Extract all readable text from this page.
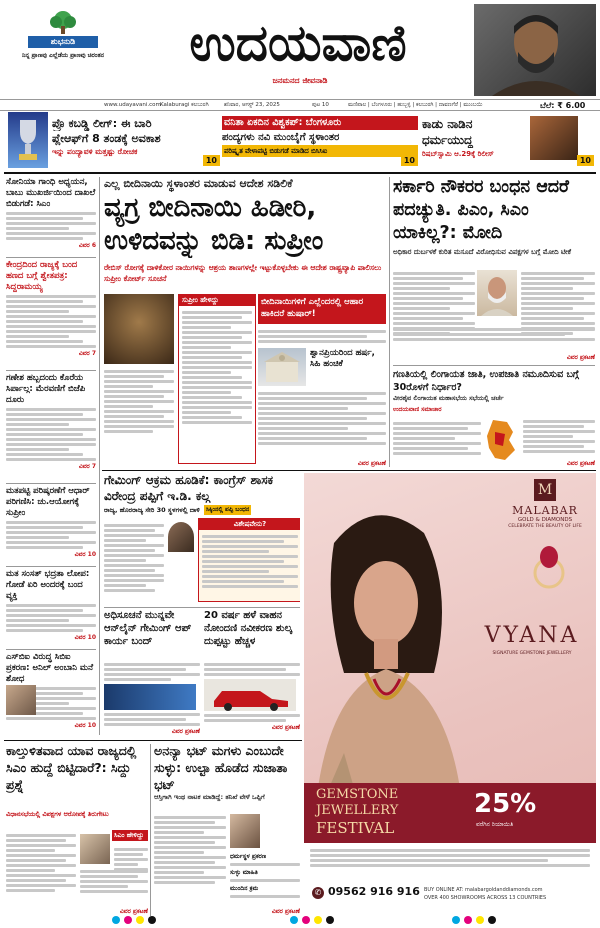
ಶುಭನುಡಿ
ನಿನ್ನ ಪ್ರಾಣವು ಎಲ್ಲೆಡೆಯ ಪ್ರಾಣವು ಚಿರಂತನ	ಉದಯವಾಣಿ
ಜನಮನದ ಜೀವನಾಡಿ
www.udayavani.com Kalaburagi ಕಲಬುರಗಿ	ಶನಿವಾರ, ಆಗಸ್ಟ್ 23, 2025	ಪುಟ 10	ಮಣಿಪಾಲ | ಬೆಂಗಳೂರು | ಹುಬ್ಬಳ್ಳಿ | ಕಲಬುರಗಿ | ದಾವಣಗೆರೆ | ಮುಂಬಯಿ	ಬೆಲೆ: ₹ 6.00
ಪ್ರೊ ಕಬಡ್ಡಿ ಲೀಗ್: ಈ ಬಾರಿ
ಪ್ಲೇಆಫ್‌ಗೆ 8 ತಂಡಕ್ಕೆ ಅವಕಾಶ
ಇನ್ನು ಪಂದ್ಯಾವಳಿ ಮತ್ತಷ್ಟು ರೋಚಕ
10
ವನಿತಾ ಏಕದಿನ ವಿಶ್ವಕಪ್: ಬೆಂಗಳೂರು
ಪಂದ್ಯಗಳು ನವಿ ಮುಂಬೈಗೆ ಸ್ಥಳಾಂತರ
ಪರಿಷ್ಕೃತ ವೇಳಾಪಟ್ಟಿ ಬಿಡುಗಡೆ ಮಾಡಿದ ಬಿಸಿಸಿಐ
10
ಕಾಡು ನಾಡಿನ
ಧರ್ಮಯುದ್ಧ
ರಿಷಬ್‌ಸ್ವಾಮಿ ಆ.29ಕ್ಕೆ ರಿಲೀಸ್
10
ಸೋನಿಯಾ ಗಾಂಧಿ ಅಧ್ಯಯನ, ಬಾಬು ಮುಖರ್ಜಿಯಿಂದ ದಾಖಲೆ ಬಿಡುಗಡೆ: ಸಿಎಂ
ವಿವರ 6
ಕೇಂದ್ರದಿಂದ ರಾಜ್ಯಕ್ಕೆ ಬಂದ ಹಣದ ಬಗ್ಗೆ ಶ್ವೇತಪತ್ರ: ಸಿದ್ದರಾಮಯ್ಯ
ವಿವರ 7
ಗಣೇಶ ಹಬ್ಬದಂದು ಕೊರೆಯ ಸಿರ್ಪಾಲ್ಗ: ಮೆರವಣಿಗೆ ಬಿಜೆಪಿ ದೂರು
ವಿವರ 7
ಮತಪಟ್ಟಿ ಪರಿಷ್ಕರಣೆಗೆ ಆಧಾರ್ ಪರಿಗಣಿಸಿ: ಚು.ಆಯೋಗಕ್ಕೆ ಸುಪ್ರೀಂ
ವಿವರ 10
ಮತ ಸಂಸತ್ ಭದ್ರತಾ ಲೋಪ: ಗೋಡೆ ಏರಿ ಅಂದರಕ್ಕೆ ಬಂದ ವ್ಯಕ್ತಿ
ವಿವರ 10
ಎಸ್‌ಬಿಐ ವಿರುದ್ಧ ಸಿಬಿಐ ಪ್ರಕರಣ: ಅನಿಲ್ ಅಂಬಾನಿ ಮನೆ ಶೋಧ
ವಿವರ 10
ಎಲ್ಲ ಬೀದಿನಾಯಿ ಸ್ಥಳಾಂತರ ಮಾಡುವ ಆದೇಶ ಸಡಿಲಿಕೆ
ವ್ಯಗ್ರ ಬೀದಿನಾಯಿ ಹಿಡೀರಿ, ಉಳಿದವನ್ನು ಬಿಡಿ: ಸುಪ್ರೀಂ
ರೇಬಿಸ್ ರೋಗಕ್ಕೆ ದಾಳಿಕೋರ ನಾಯಿಗಳನ್ನು ಆಶ್ರಯ ತಾಣಗಳಲ್ಲೇ ಇಟ್ಟುಕೊಳ್ಳಬೇಕು ಈ ಆದೇಶ ರಾಷ್ಟ್ರವ್ಯಾಪಿ ಪಾಲಿಸಲು ಸುಪ್ರೀಂ ಕೋರ್ಟ್ ಸೂಚನೆ
ಸುಪ್ರೀಂ ಹೇಳಿದ್ದು	ಬೀದಿನಾಯಿಗಳಿಗೆ ಎಲ್ಲೆಂದರಲ್ಲಿ ಆಹಾರ ಹಾಕಿದರೆ ಹುಷಾರ್!
ಶ್ವಾನಪ್ರಿಯರಿಂದ ಹರ್ಷ, ಸಿಹಿ ಹಂಚಿಕೆ
ವಿವರ ಪ್ರಕಟಣೆ
ಸರ್ಕಾರಿ ನೌಕರರ ಬಂಧನ ಆದರೆ ಪದಚ್ಯುತಿ. ಪಿಎಂ, ಸಿಎಂ ಯಾಕಿಲ್ಲ?: ಮೋದಿ
ಅಧಿಕಾರ ದುರ್ಬಳಕೆ ಕುರಿತ ಮಸೂದೆ ವಿರೋಧಿಸುವ ವಿಪಕ್ಷಗಳ ಬಗ್ಗೆ ಮೋದಿ ಟೀಕೆ
ವಿವರ ಪ್ರಕಟಣೆ
ಗಣತಿಯಲ್ಲಿ ಲಿಂಗಾಯತ ಜಾತಿ, ಉಪಜಾತಿ ನಮೂದಿಸುವ ಬಗ್ಗೆ 30ರೊಳಗೆ ನಿರ್ಧಾರ?
ವೀರಶೈವ ಲಿಂಗಾಯತ ಮಹಾಸಭೆಯ ಸಭೆಯಲ್ಲಿ ಚರ್ಚೆ
ಉದಯವಾಣಿ ಸಮಾಚಾರ
ವಿವರ ಪ್ರಕಟಣೆ
ಗೇಮಿಂಗ್ ಆಕ್ರಮ ಹೂಡಿಕೆ: ಕಾಂಗ್ರೆಸ್ ಶಾಸಕ ವಿರೇಂದ್ರ ಪಪ್ಪಿಗೆ ಇ.ಡಿ. ಕಲ್ಗ
ರಾಜ್ಯ, ಹೊರರಾಜ್ಯ ಸೇರಿ 30 ಸ್ಥಳಗಳಲ್ಲಿ ದಾಳಿ	ಸಿಕ್ಕಿಂನಲ್ಲಿ ಪಪ್ಪಿ ಬಂಧನ
ವಿಶೇಷವೇನು?
ಅಧಿಸೂಚನೆ ಮುನ್ನವೇ ಆನ್‌ಲೈನ್ ಗೇಮಿಂಗ್ ಆಪ್ ಕಾರ್ಯ ಬಂದ್
ವಿವರ ಪ್ರಕಟಣೆ
20 ವರ್ಷ ಹಳೆ ವಾಹನ ನೋಂದಣಿ ನವೀಕರಣ ಶುಲ್ಕ ದುಪ್ಪಟ್ಟು ಹೆಚ್ಚಳ
ವಿವರ ಪ್ರಕಟಣೆ
M
MALABAR
GOLD & DIAMONDS
CELEBRATE THE BEAUTY OF LIFE
VYANA
SIGNATURE GEMSTONE JEWELLERY
GEMSTONE
JEWELLERY
FESTIVAL
25%
ವರೆಗಿನ ರಿಯಾಯಿತಿ
✆ 09562 916 916 BUY ONLINE AT: malabargoldanddiamonds.com
OVER 400 SHOWROOMS ACROSS 13 COUNTRIES
ಕಾಲ್ತುಳಿತವಾದ ಯಾವ ರಾಜ್ಯದಲ್ಲಿ ಸಿಎಂ ಹುದ್ದೆ ಬಿಟ್ಟಿದಾರೆ?: ಸಿದ್ದು ಪ್ರಶ್ನೆ
ವಿಧಾನಸಭೆಯಲ್ಲಿ ವಿಪಕ್ಷಗಳ ಆರೋಪಕ್ಕೆ ತಿರುಗೇಟು
ಸಿಎಂ ಹೇಳಿದ್ದು
ವಿವರ ಪ್ರಕಟಣೆ
ಅನನ್ಯಾ ಭಟ್ ಮಗಳು ಎಂಬುದೇ ಸುಳ್ಳು: ಉಲ್ಟಾ ಹೊಡೆದ ಸುಜಾತಾ ಭಟ್
ಆಸ್ತಿಗಾಗಿ ಇಂಥ ನಾಟಕ ಮಾಡಿದ್ದೆ: ತನಿಖೆ ವೇಳೆ ಒಪ್ಪಿಗೆ
ಧರ್ಮಸ್ಥಳ ಪ್ರಕರಣ
ಸುಳ್ಳು ಮಾಹಿತಿ
ಮುಂದಿನ ಕ್ರಮ
ವಿವರ ಪ್ರಕಟಣೆ
